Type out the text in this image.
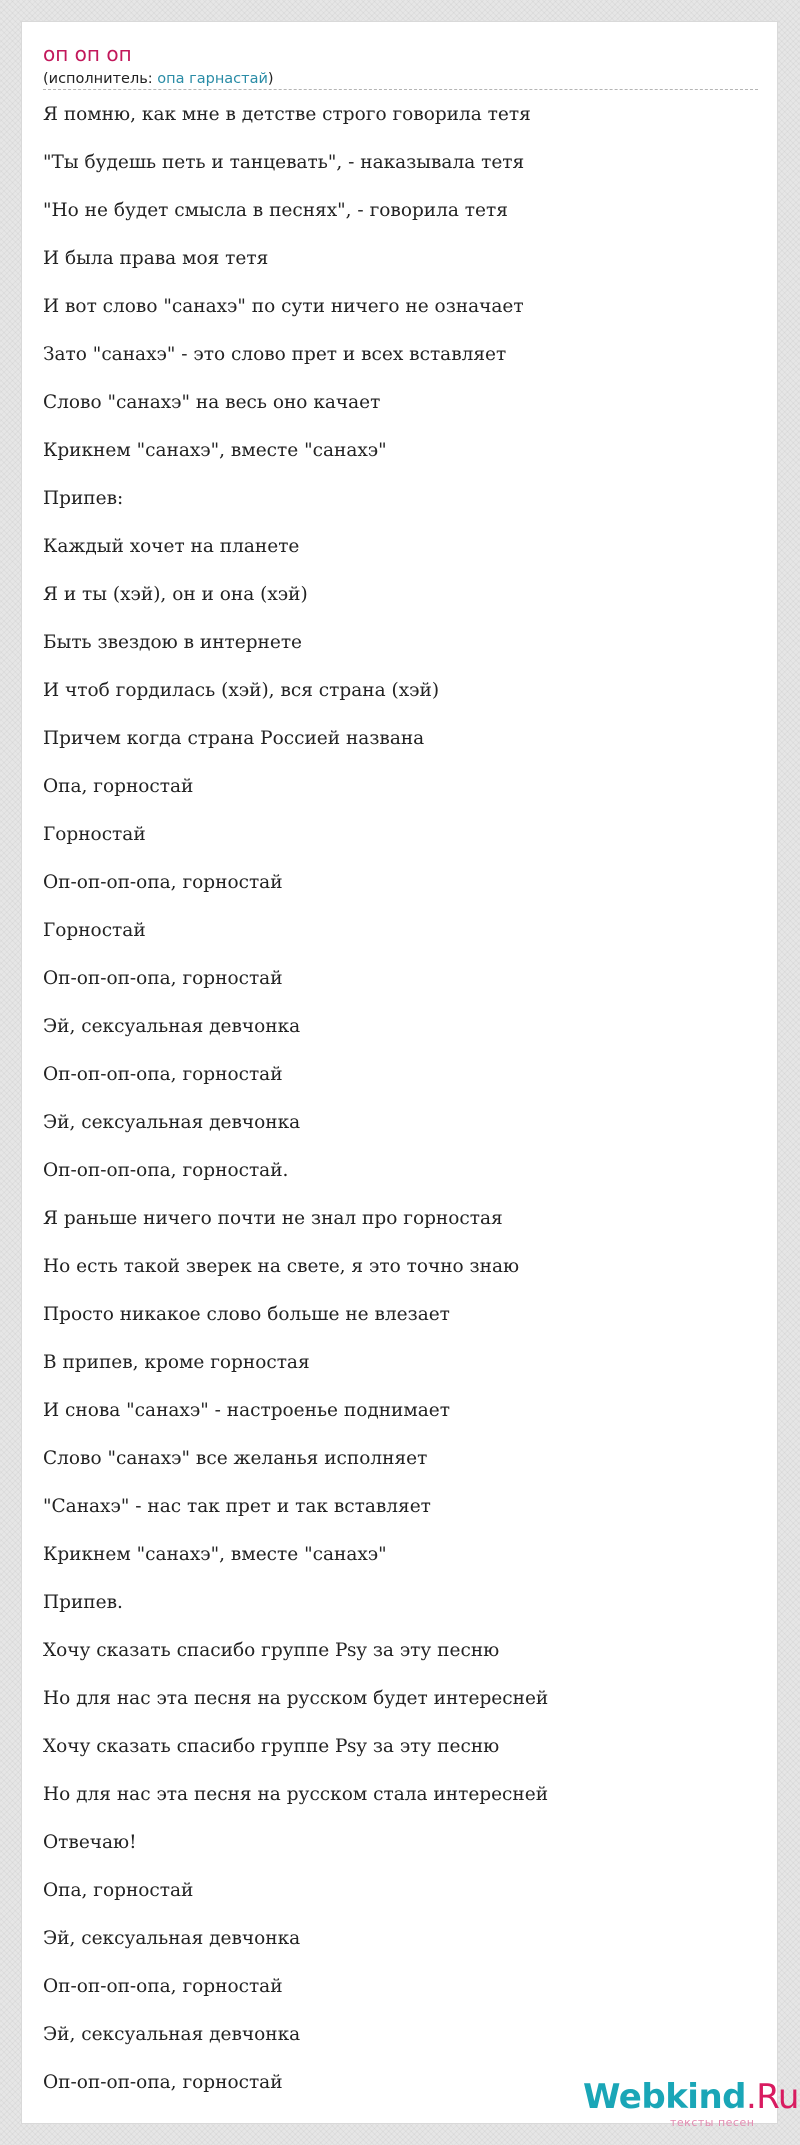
оп оп оп
(исполнитель: опа гарнастай)
Я помню, как мне в детстве строго говорила тетя
"Ты будешь петь и танцевать", - наказывала тетя
"Но не будет смысла в песнях", - говорила тетя
И была права моя тетя
И вот слово "санахэ" по сути ничего не означает
Зато "санахэ" - это слово прет и всех вставляет
Слово "санахэ" на весь оно качает
Крикнем "санахэ", вместе "санахэ"
Припев:
Каждый хочет на планете
Я и ты (хэй), он и она (хэй)
Быть звездою в интернете
И чтоб гордилась (хэй), вся страна (хэй)
Причем когда страна Россией названа
Опа, горностай
Горностай
Оп-оп-оп-опа, горностай
Горностай
Оп-оп-оп-опа, горностай
Эй, сексуальная девчонка
Оп-оп-оп-опа, горностай
Эй, сексуальная девчонка
Оп-оп-оп-опа, горностай.
Я раньше ничего почти не знал про горностая
Но есть такой зверек на свете, я это точно знаю
Просто никакое слово больше не влезает
В припев, кроме горностая
И снова "санахэ" - настроенье поднимает
Слово "санахэ" все желанья исполняет
"Санахэ" - нас так прет и так вставляет
Крикнем "санахэ", вместе "санахэ"
Припев.
Хочу сказать спасибо группе Psy за эту песню
Но для нас эта песня на русском будет интересней
Хочу сказать спасибо группе Psy за эту песню
Но для нас эта песня на русском стала интересней
Отвечаю!
Опа, горностай
Эй, сексуальная девчонка
Оп-оп-оп-опа, горностай
Эй, сексуальная девчонка
Оп-оп-оп-опа, горностай	Webkind.Ru
тексты песен
